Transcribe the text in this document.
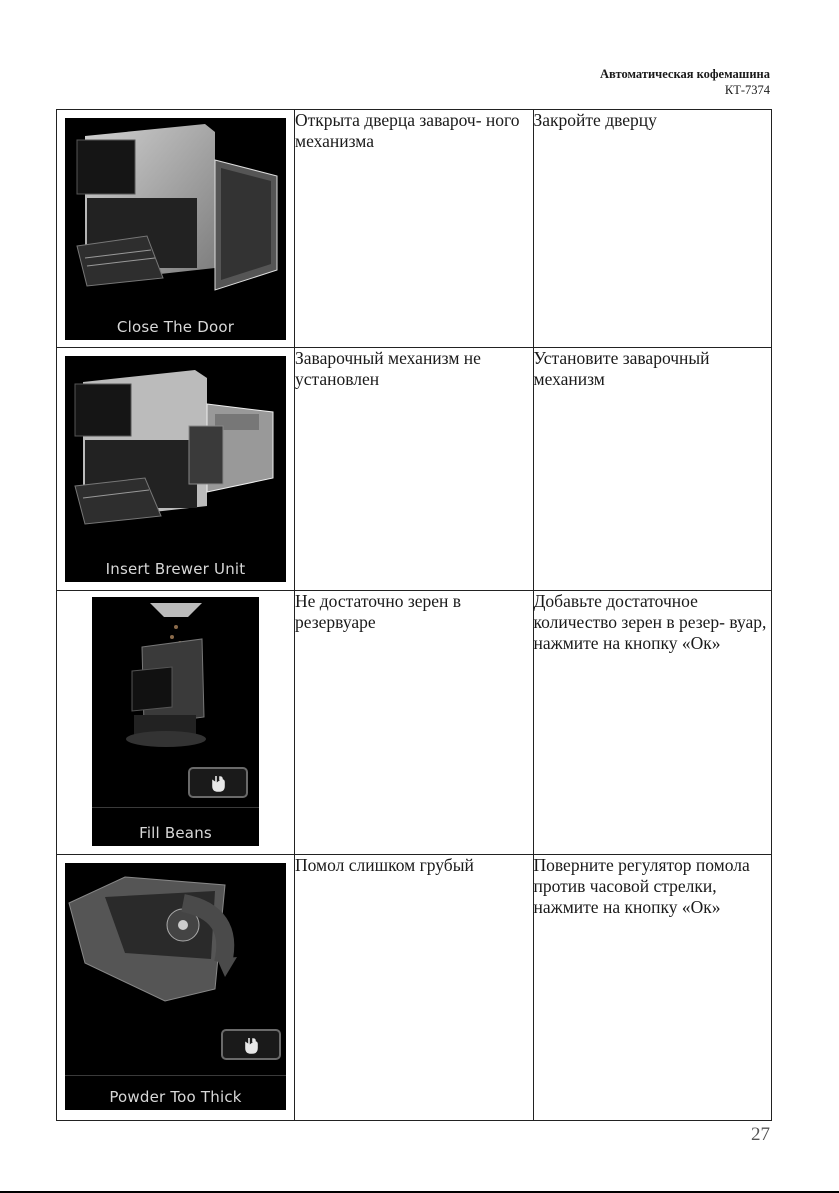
Автоматическая кофемашина
КТ-7374
Close The Door	Открыта дверца завароч- ного механизма	Закройте дверцу

Insert Brewer Unit	Заварочный механизм не установлен	Установите заварочный механизм

Fill Beans	Не достаточно зерен в резервуаре	Добавьте достаточное количество зерен в резер- вуар, нажмите на кнопку «Ок»

Powder Too Thick	Помол слишком грубый	Поверните регулятор помола против часовой стрелки, нажмите на кнопку «Ок»
27
